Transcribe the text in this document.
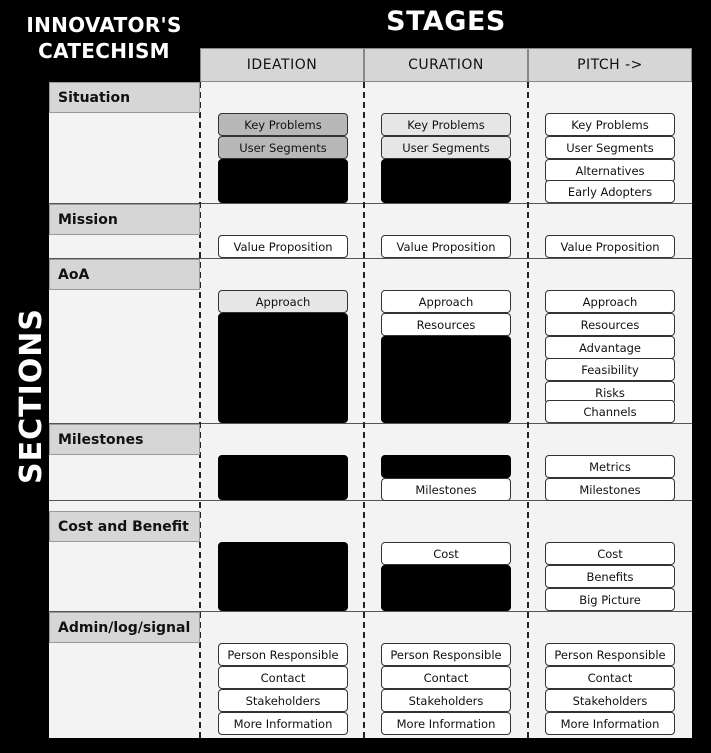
INNOVATOR'S
CATECHISM
STAGES
SECTIONS
IDEATION	CURATION	PITCH ->
Situation
Mission
AoA
Milestones
Cost and Benefit
Admin/log/signal
Key Problems
User Segments
Value Proposition
Approach
Person Responsible
Contact
Stakeholders
More Information
Key Problems
User Segments
Value Proposition
Approach
Resources
Milestones
Cost
Person Responsible
Contact
Stakeholders
More Information
Key Problems
User Segments
Alternatives
Early Adopters
Value Proposition
Approach
Resources
Advantage
Feasibility
Risks
Channels
Metrics
Milestones
Cost
Benefits
Big Picture
Person Responsible
Contact
Stakeholders
More Information
